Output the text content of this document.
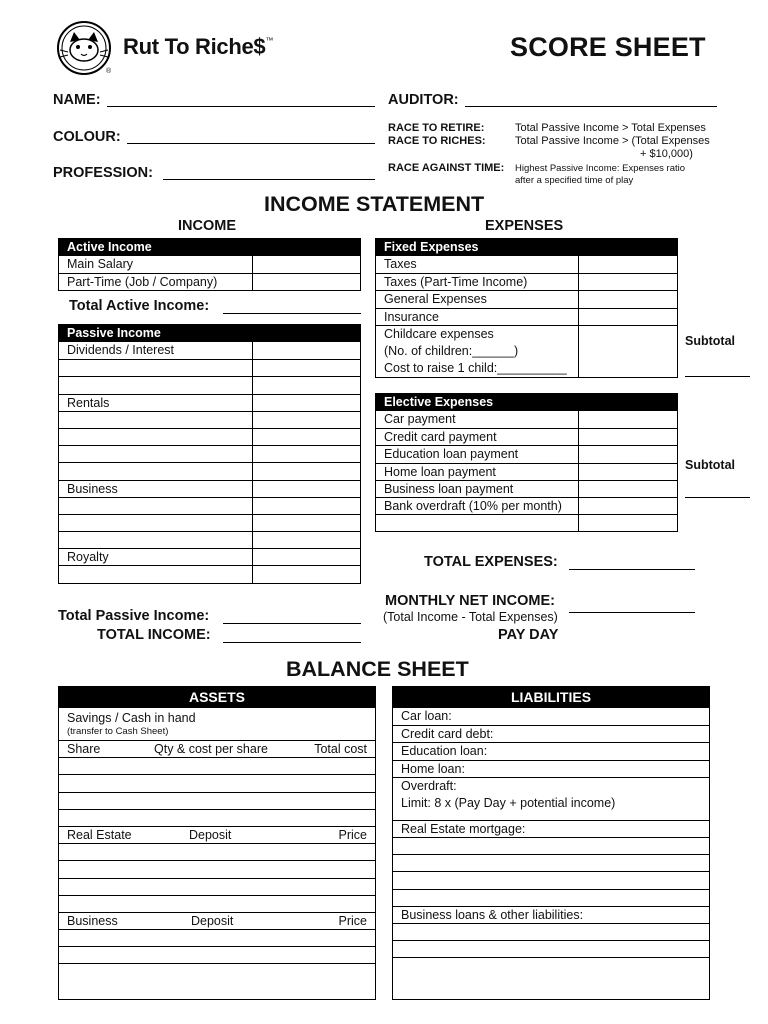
Rut To Riche$™
®
SCORE SHEET
NAME:	AUDITOR:
COLOUR:
PROFESSION:
RACE TO RETIRE:	Total Passive Income > Total Expenses
RACE TO RICHES:	Total Passive Income > (Total Expenses
+ $10,000)
RACE AGAINST TIME: Highest Passive Income: Expenses ratio
after a specified time of play
INCOME STATEMENT
INCOME	EXPENSES
Active Income
Main Salary
Part-Time (Job / Company)
Total Active Income:
Passive Income
Dividends / Interest
Rentals
Business
Royalty
Total Passive Income:
TOTAL INCOME:
Fixed Expenses
Taxes
Taxes (Part-Time Income)
General Expenses
Insurance
Childcare expenses
(No. of children:______)
Cost to raise 1 child:__________
Subtotal
Elective Expenses
Car payment
Credit card payment
Education loan payment
Home loan payment
Business loan payment
Bank overdraft (10% per month)
Subtotal
TOTAL EXPENSES:
MONTHLY NET INCOME:
(Total Income - Total Expenses)
PAY DAY
BALANCE SHEET
ASSETS
Savings / Cash in hand
(transfer to Cash Sheet)
Share	Qty & cost per share	Total cost
Real Estate	Deposit	Price
Business	Deposit	Price
LIABILITIES
Car loan:
Credit card debt:
Education loan:
Home loan:
Overdraft:
Limit: 8 x (Pay Day + potential income)
Real Estate mortgage:
Business loans & other liabilities:
